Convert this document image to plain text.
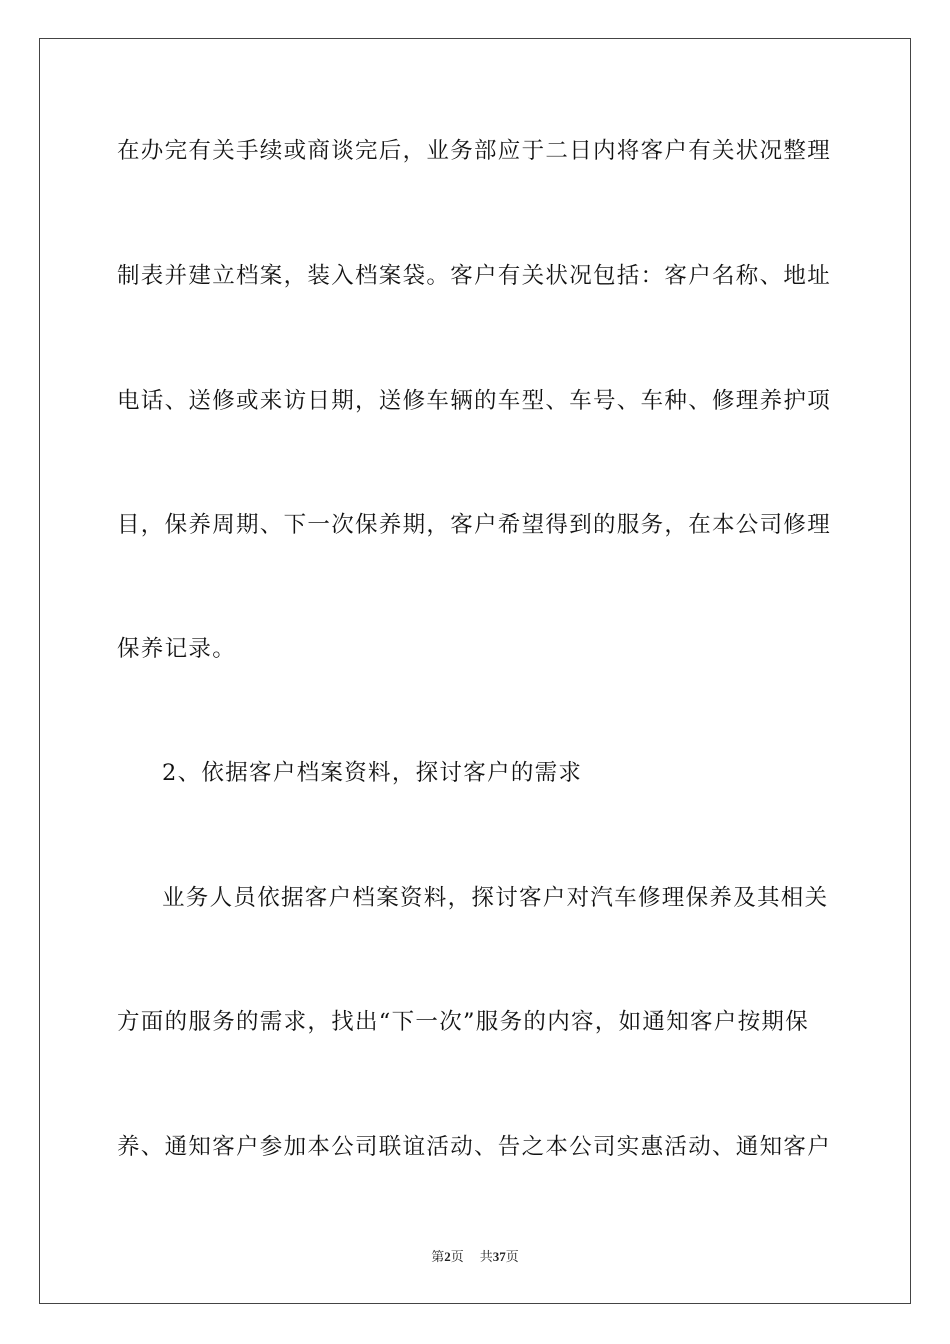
在办完有关手续或商谈完后，业务部应于二日内将客户有关状况整理

制表并建立档案，装入档案袋。客户有关状况包括：客户名称、地址

电话、送修或来访日期，送修车辆的车型、车号、车种、修理养护项

目，保养周期、下一次保养期，客户希望得到的服务，在本公司修理

保养记录。

2、依据客户档案资料，探讨客户的需求

业务人员依据客户档案资料，探讨客户对汽车修理保养及其相关

方面的服务的需求，找出“下一次”服务的内容，如通知客户按期保

养、通知客户参加本公司联谊活动、告之本公司实惠活动、通知客户

第2页 共37页
